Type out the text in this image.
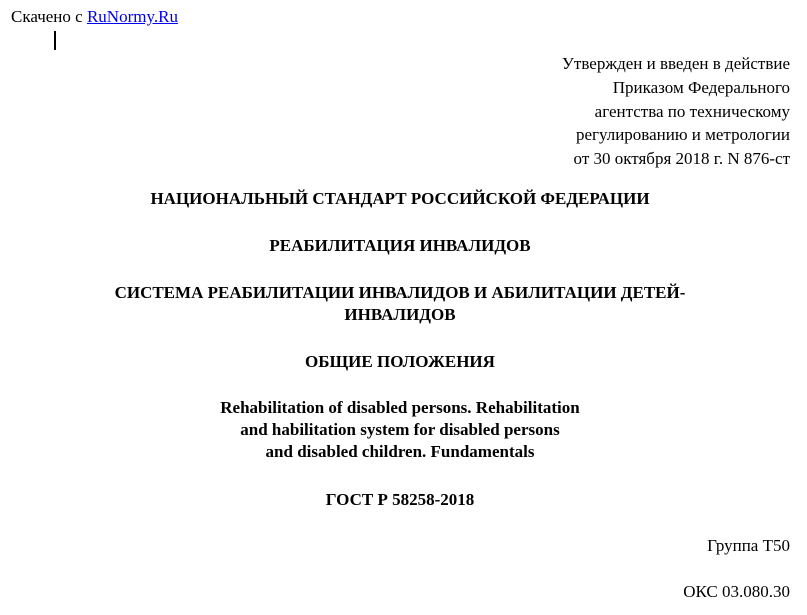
Скачено с RuNormy.Ru
Утвержден и введен в действие
Приказом Федерального
агентства по техническому
регулированию и метрологии
от 30 октября 2018 г. N 876-ст
НАЦИОНАЛЬНЫЙ СТАНДАРТ РОССИЙСКОЙ ФЕДЕРАЦИИ
РЕАБИЛИТАЦИЯ ИНВАЛИДОВ
СИСТЕМА РЕАБИЛИТАЦИИ ИНВАЛИДОВ И АБИЛИТАЦИИ ДЕТЕЙ-
ИНВАЛИДОВ
ОБЩИЕ ПОЛОЖЕНИЯ
Rehabilitation of disabled persons. Rehabilitation
and habilitation system for disabled persons
and disabled children. Fundamentals
ГОСТ Р 58258-2018
Группа Т50
ОКС 03.080.30
